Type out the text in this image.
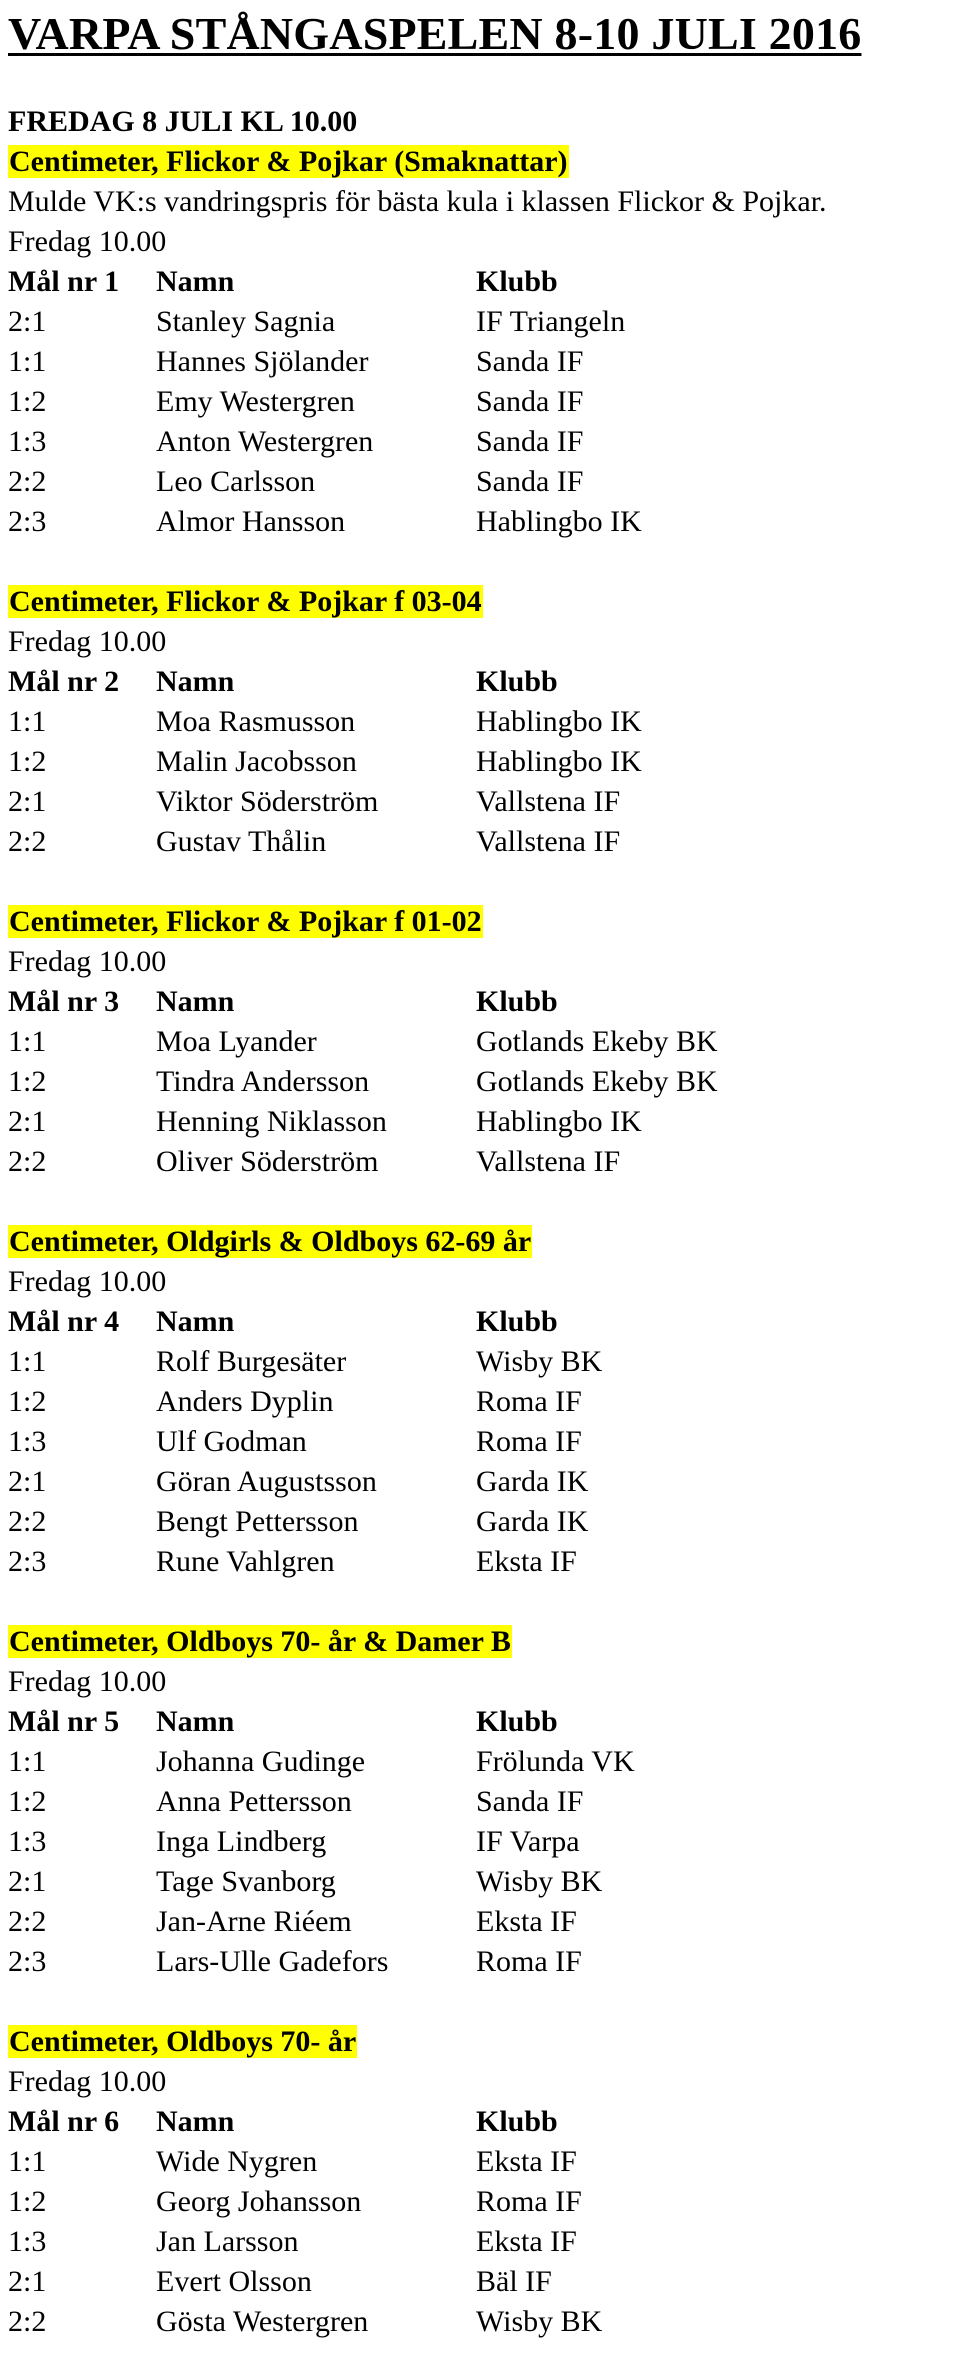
VARPA STÅNGASPELEN 8-10 JULI 2016
FREDAG 8 JULI KL 10.00
Centimeter, Flickor & Pojkar (Smaknattar)
Mulde VK:s vandringspris för bästa kula i klassen Flickor & Pojkar.
Fredag 10.00
Mål nr 1	Namn	Klubb
2:1	Stanley Sagnia	IF Triangeln
1:1	Hannes Sjölander	Sanda IF
1:2	Emy Westergren	Sanda IF
1:3	Anton Westergren	Sanda IF
2:2	Leo Carlsson	Sanda IF
2:3	Almor Hansson	Hablingbo IK
Centimeter, Flickor & Pojkar f 03-04
Fredag 10.00
Mål nr 2	Namn	Klubb
1:1	Moa Rasmusson	Hablingbo IK
1:2	Malin Jacobsson	Hablingbo IK
2:1	Viktor Söderström	Vallstena IF
2:2	Gustav Thålin	Vallstena IF
Centimeter, Flickor & Pojkar f 01-02
Fredag 10.00
Mål nr 3	Namn	Klubb
1:1	Moa Lyander	Gotlands Ekeby BK
1:2	Tindra Andersson	Gotlands Ekeby BK
2:1	Henning Niklasson	Hablingbo IK
2:2	Oliver Söderström	Vallstena IF
Centimeter, Oldgirls & Oldboys 62-69 år
Fredag 10.00
Mål nr 4	Namn	Klubb
1:1	Rolf Burgesäter	Wisby BK
1:2	Anders Dyplin	Roma IF
1:3	Ulf Godman	Roma IF
2:1	Göran Augustsson	Garda IK
2:2	Bengt Pettersson	Garda IK
2:3	Rune Vahlgren	Eksta IF
Centimeter, Oldboys 70- år & Damer B
Fredag 10.00
Mål nr 5	Namn	Klubb
1:1	Johanna Gudinge	Frölunda VK
1:2	Anna Pettersson	Sanda IF
1:3	Inga Lindberg	IF Varpa
2:1	Tage Svanborg	Wisby BK
2:2	Jan-Arne Riéem	Eksta IF
2:3	Lars-Ulle Gadefors	Roma IF
Centimeter, Oldboys 70- år
Fredag 10.00
Mål nr 6	Namn	Klubb
1:1	Wide Nygren	Eksta IF
1:2	Georg Johansson	Roma IF
1:3	Jan Larsson	Eksta IF
2:1	Evert Olsson	Bäl IF
2:2	Gösta Westergren	Wisby BK
